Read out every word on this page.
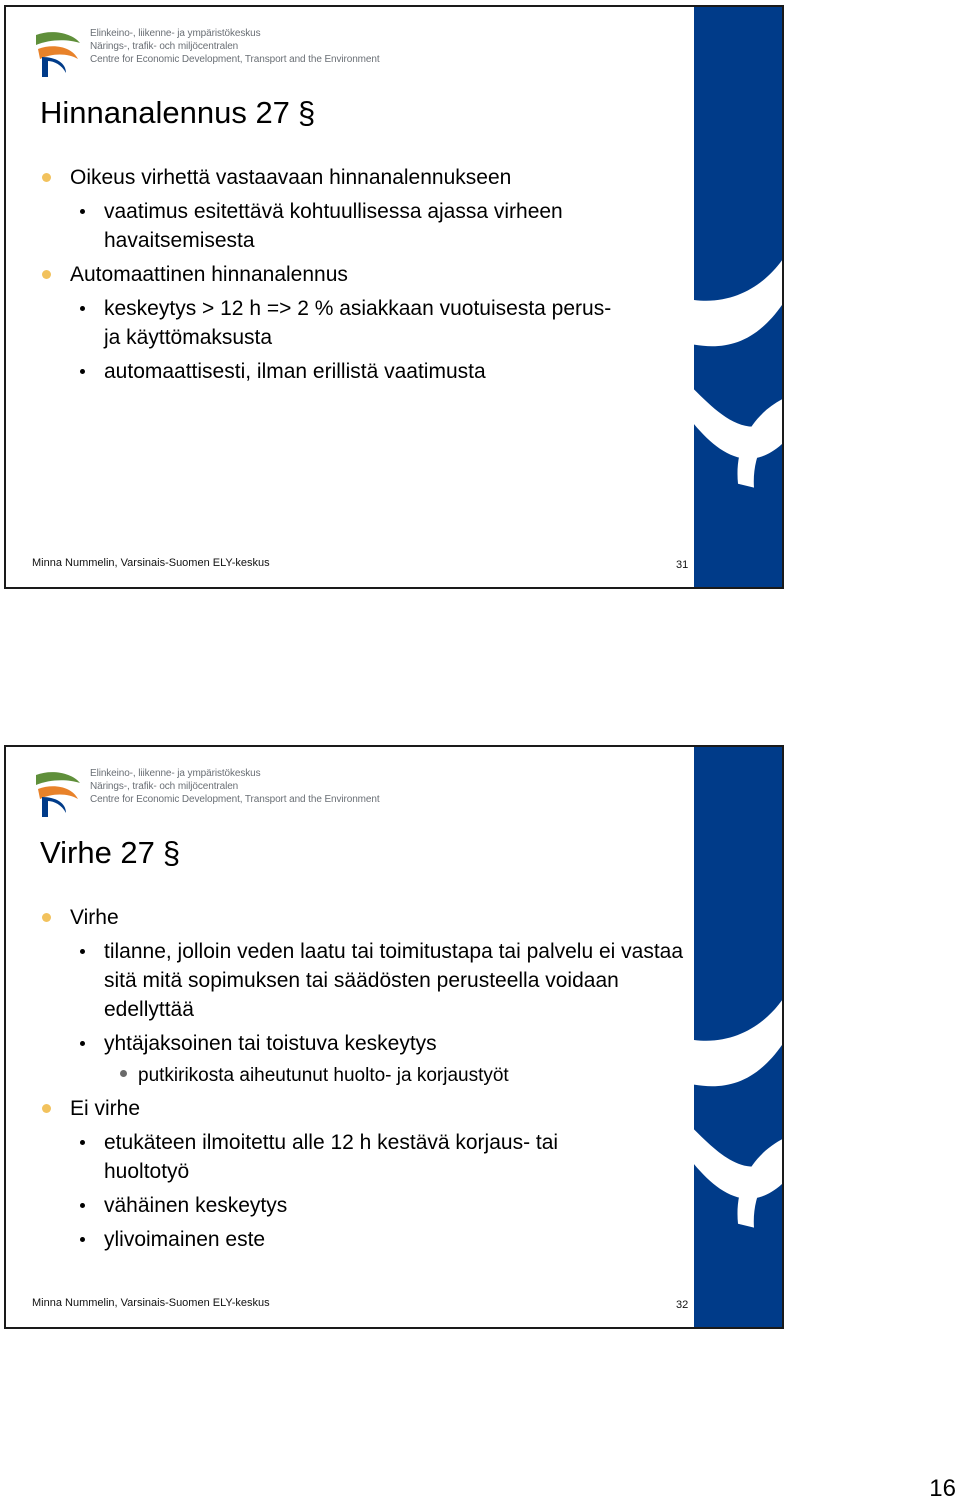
Elinkeino-, liikenne- ja ympäristökeskus
Närings-, trafik- och miljöcentralen
Centre for Economic Development, Transport and the Environment
Hinnanalennus 27 §
Oikeus virhettä vastaavaan hinnanalennukseen
vaatimus esitettävä kohtuullisessa ajassa virheen havaitsemisesta
Automaattinen hinnanalennus
keskeytys > 12 h => 2 % asiakkaan vuotuisesta perus- ja käyttömaksusta
automaattisesti, ilman erillistä vaatimusta
Minna Nummelin, Varsinais-Suomen ELY-keskus	31
Elinkeino-, liikenne- ja ympäristökeskus
Närings-, trafik- och miljöcentralen
Centre for Economic Development, Transport and the Environment
Virhe 27 §
Virhe
tilanne, jolloin veden laatu tai toimitustapa tai palvelu ei vastaa sitä mitä sopimuksen tai säädösten perusteella voidaan edellyttää
yhtäjaksoinen tai toistuva keskeytys
putkirikosta aiheutunut huolto- ja korjaustyöt
Ei virhe
etukäteen ilmoitettu alle 12 h kestävä korjaus- tai huoltotyö
vähäinen keskeytys
ylivoimainen este
Minna Nummelin, Varsinais-Suomen ELY-keskus	32
16
